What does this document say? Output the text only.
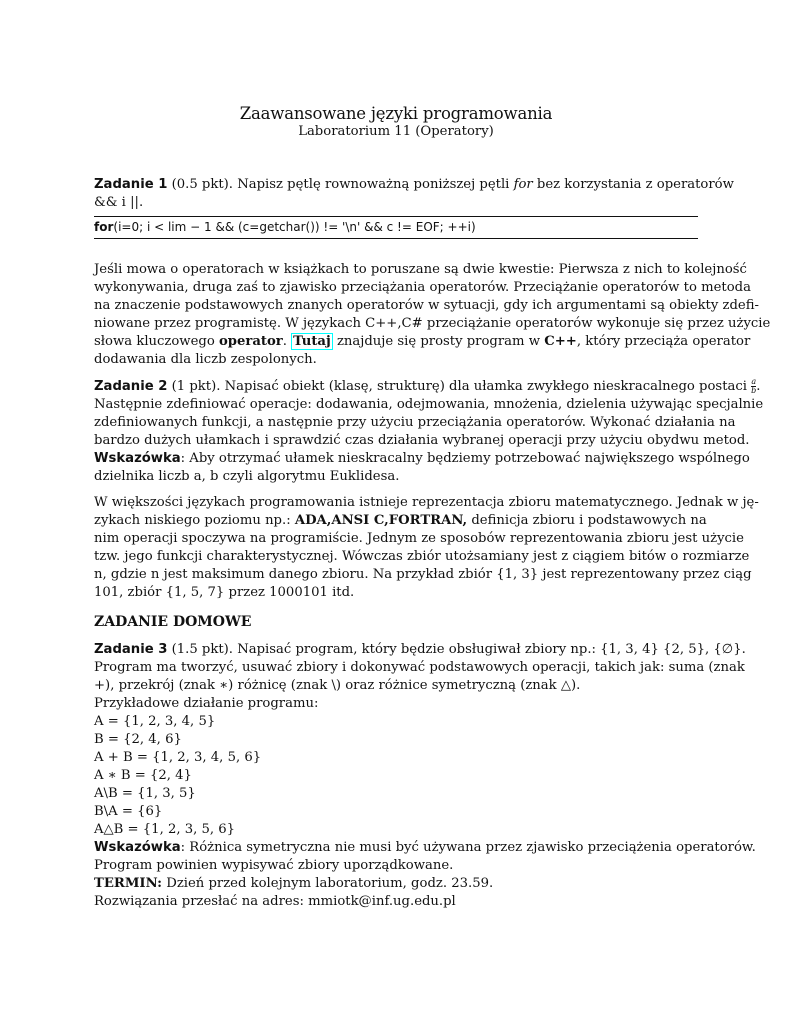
Zaawansowane języki programowania
Laboratorium 11 (Operatory)
Zadanie 1 (0.5 pkt). Napisz pętlę rownoważną poniższej pętli for bez korzystania z operatorów
&& i ||.
for(i=0; i < lim − 1 && (c=getchar()) != '\n' && c != EOF; ++i)
Jeśli mowa o operatorach w książkach to poruszane są dwie kwestie: Pierwsza z nich to kolejność
wykonywania, druga zaś to zjawisko przeciążania operatorów. Przeciążanie operatorów to metoda
na znaczenie podstawowych znanych operatorów w sytuacji, gdy ich argumentami są obiekty zdefi-
niowane przez programistę. W językach C++,C# przeciążanie operatorów wykonuje się przez użycie
słowa kluczowego operator. Tutaj znajduje się prosty program w C++, który przeciąża operator
dodawania dla liczb zespolonych.
Zadanie 2 (1 pkt). Napisać obiekt (klasę, strukturę) dla ułamka zwykłego nieskracalnego postaci $\frac{a}{b}$ .
Następnie zdefiniować operacje: dodawania, odejmowania, mnożenia, dzielenia używając specjalnie
zdefiniowanych funkcji, a następnie przy użyciu przeciążania operatorów. Wykonać działania na
bardzo dużych ułamkach i sprawdzić czas działania wybranej operacji przy użyciu obydwu metod.
Wskazówka: Aby otrzymać ułamek nieskracalny będziemy potrzebować największego wspólnego
dzielnika liczb a, b czyli algorytmu Euklidesa.
W większości językach programowania istnieje reprezentacja zbioru matematycznego. Jednak w ję-
zykach niskiego poziomu np.: ADA,ANSI C,FORTRAN, definicja zbioru i podstawowych na
nim operacji spoczywa na programiście. Jednym ze sposobów reprezentowania zbioru jest użycie
tzw. jego funkcji charakterystycznej. Wówczas zbiór utożsamiany jest z ciągiem bitów o rozmiarze
n, gdzie n jest maksimum danego zbioru. Na przykład zbiór {1, 3} jest reprezentowany przez ciąg
101, zbiór {1, 5, 7} przez 1000101 itd.
ZADANIE DOMOWE
Zadanie 3 (1.5 pkt). Napisać program, który będzie obsługiwał zbiory np.: {1, 3, 4} {2, 5}, {∅}.
Program ma tworzyć, usuwać zbiory i dokonywać podstawowych operacji, takich jak: suma (znak
+), przekrój (znak ∗) różnicę (znak \) oraz różnice symetryczną (znak △).
Przykładowe działanie programu:
A = {1, 2, 3, 4, 5}
B = {2, 4, 6}
A + B = {1, 2, 3, 4, 5, 6}
A ∗ B = {2, 4}
A\B = {1, 3, 5}
B\A = {6}
A△B = {1, 2, 3, 5, 6}
Wskazówka: Różnica symetryczna nie musi być używana przez zjawisko przeciążenia operatorów.
Program powinien wypisywać zbiory uporządkowane.
TERMIN: Dzień przed kolejnym laboratorium, godz. 23.59.
Rozwiązania przesłać na adres: mmiotk@inf.ug.edu.pl
